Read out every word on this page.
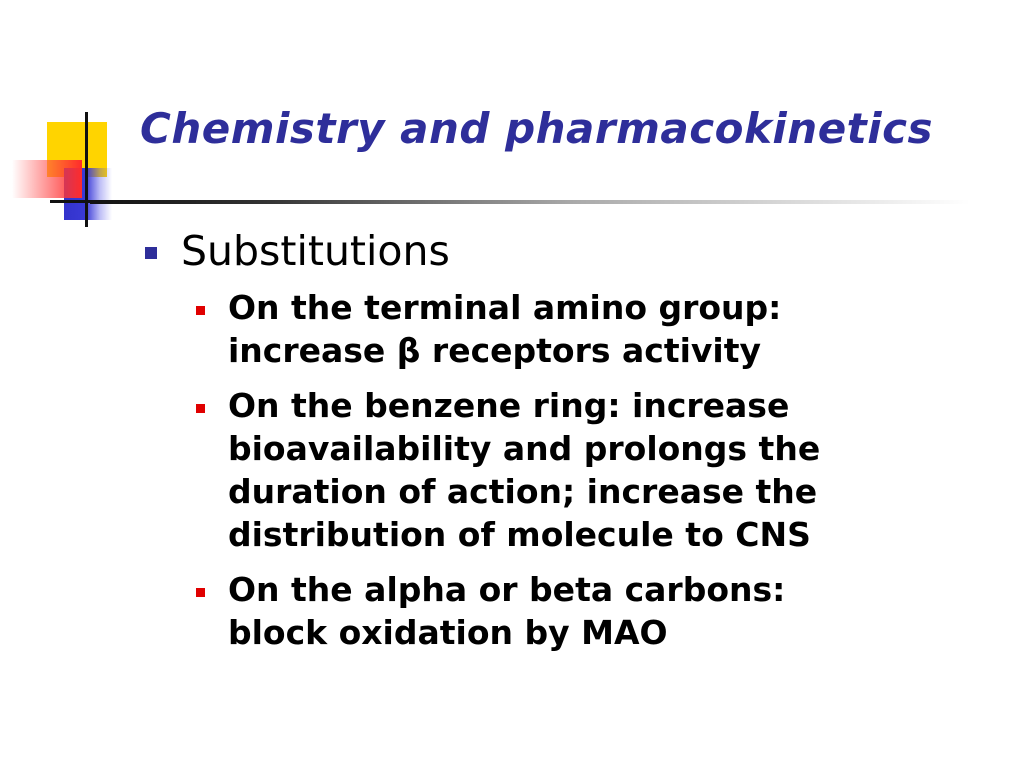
Chemistry and pharmacokinetics
Substitutions
On the terminal amino group:
increase β receptors activity
On the benzene ring: increase
bioavailability and prolongs the
duration of action; increase the
distribution of molecule to CNS
On the alpha or beta carbons:
block oxidation by MAO
